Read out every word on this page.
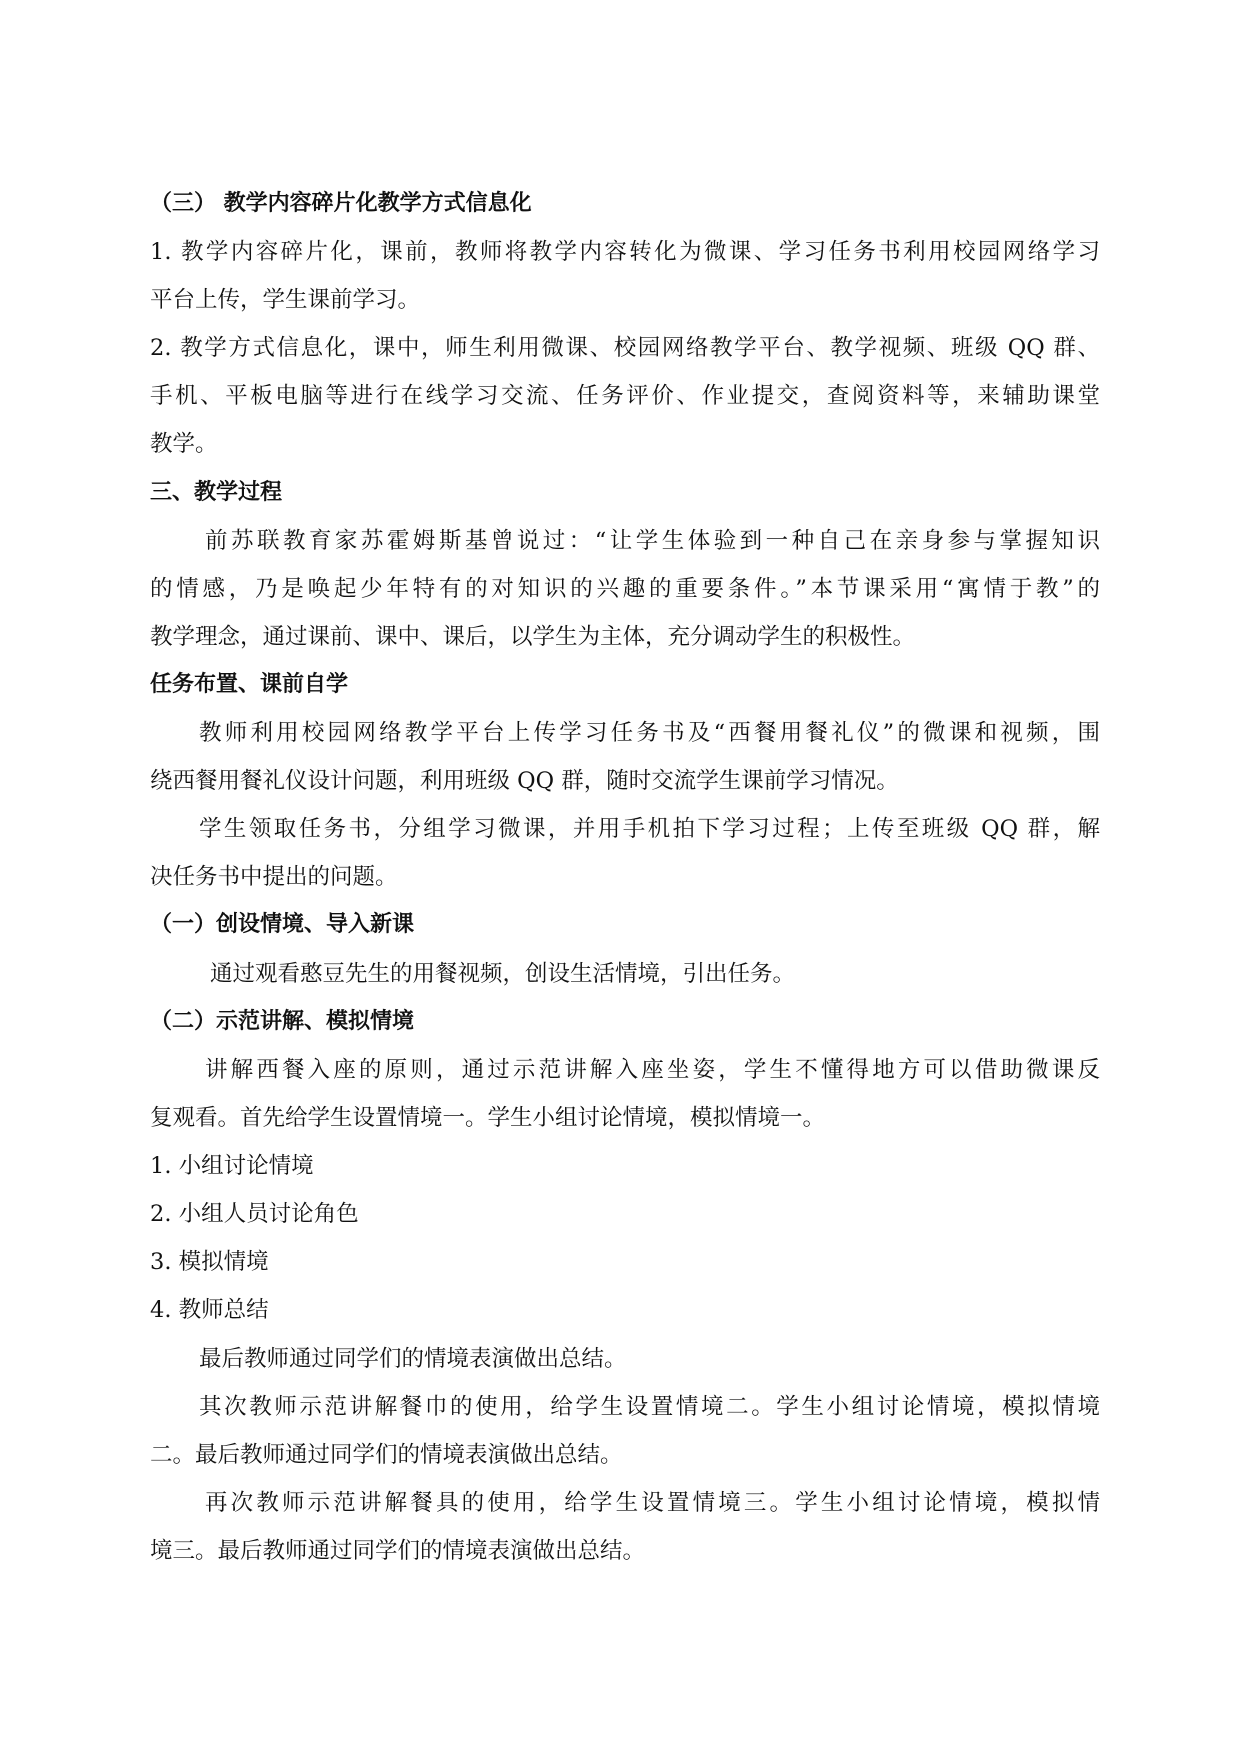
（三） 教学内容碎片化教学方式信息化
1. 教学内容碎片化，课前，教师将教学内容转化为微课、学习任务书利用校园网络学习
平台上传，学生课前学习。
2. 教学方式信息化，课中，师生利用微课、校园网络教学平台、教学视频、班级 QQ 群、
手机、平板电脑等进行在线学习交流、任务评价、作业提交，查阅资料等，来辅助课堂
教学。
三、教学过程
前苏联教育家苏霍姆斯基曾说过：“让学生体验到一种自己在亲身参与掌握知识
的情感，乃是唤起少年特有的对知识的兴趣的重要条件。”本节课采用“寓情于教”的
教学理念，通过课前、课中、课后，以学生为主体，充分调动学生的积极性。
任务布置、课前自学
教师利用校园网络教学平台上传学习任务书及“西餐用餐礼仪”的微课和视频，围
绕西餐用餐礼仪设计问题，利用班级 QQ 群，随时交流学生课前学习情况。
学生领取任务书，分组学习微课，并用手机拍下学习过程；上传至班级 QQ 群，解
决任务书中提出的问题。
（一）创设情境、导入新课
通过观看憨豆先生的用餐视频，创设生活情境，引出任务。
（二）示范讲解、模拟情境
讲解西餐入座的原则，通过示范讲解入座坐姿，学生不懂得地方可以借助微课反
复观看。首先给学生设置情境一。学生小组讨论情境，模拟情境一。
1. 小组讨论情境
2. 小组人员讨论角色
3. 模拟情境
4. 教师总结
最后教师通过同学们的情境表演做出总结。
其次教师示范讲解餐巾的使用，给学生设置情境二。学生小组讨论情境，模拟情境
二。最后教师通过同学们的情境表演做出总结。
再次教师示范讲解餐具的使用，给学生设置情境三。学生小组讨论情境，模拟情
境三。最后教师通过同学们的情境表演做出总结。
